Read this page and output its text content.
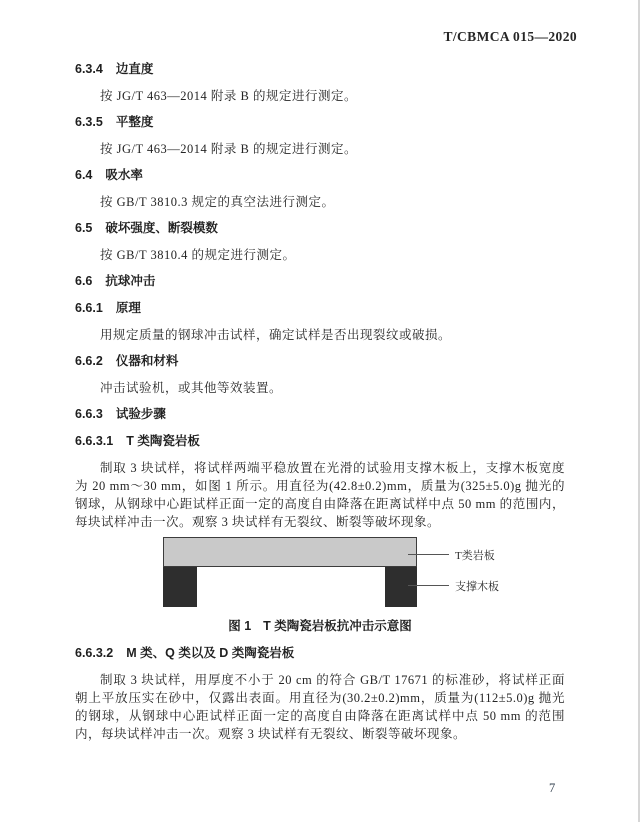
T/CBMCA 015—2020
6.3.4 边直度
按 JG/T 463—2014 附录 B 的规定进行测定。
6.3.5 平整度
按 JG/T 463—2014 附录 B 的规定进行测定。
6.4 吸水率
按 GB/T 3810.3 规定的真空法进行测定。
6.5 破坏强度、断裂模数
按 GB/T 3810.4 的规定进行测定。
6.6 抗球冲击
6.6.1 原理
用规定质量的钢球冲击试样，确定试样是否出现裂纹或破损。
6.6.2 仪器和材料
冲击试验机，或其他等效装置。
6.6.3 试验步骤
6.6.3.1 T 类陶瓷岩板
制取 3 块试样，将试样两端平稳放置在光滑的试验用支撑木板上，支撑木板宽度为 20 mm～30 mm，如图 1 所示。用直径为(42.8±0.2)mm，质量为(325±5.0)g 抛光的钢球，从钢球中心距试样正面一定的高度自由降落在距离试样中点 50 mm 的范围内，每块试样冲击一次。观察 3 块试样有无裂纹、断裂等破坏现象。
T类岩板
支撑木板
图 1 T 类陶瓷岩板抗冲击示意图
6.6.3.2 M 类、Q 类以及 D 类陶瓷岩板
制取 3 块试样，用厚度不小于 20 cm 的符合 GB/T 17671 的标准砂，将试样正面朝上平放压实在砂中，仅露出表面。用直径为(30.2±0.2)mm，质量为(112±5.0)g 抛光的钢球，从钢球中心距试样正面一定的高度自由降落在距离试样中点 50 mm 的范围内，每块试样冲击一次。观察 3 块试样有无裂纹、断裂等破坏现象。
7
